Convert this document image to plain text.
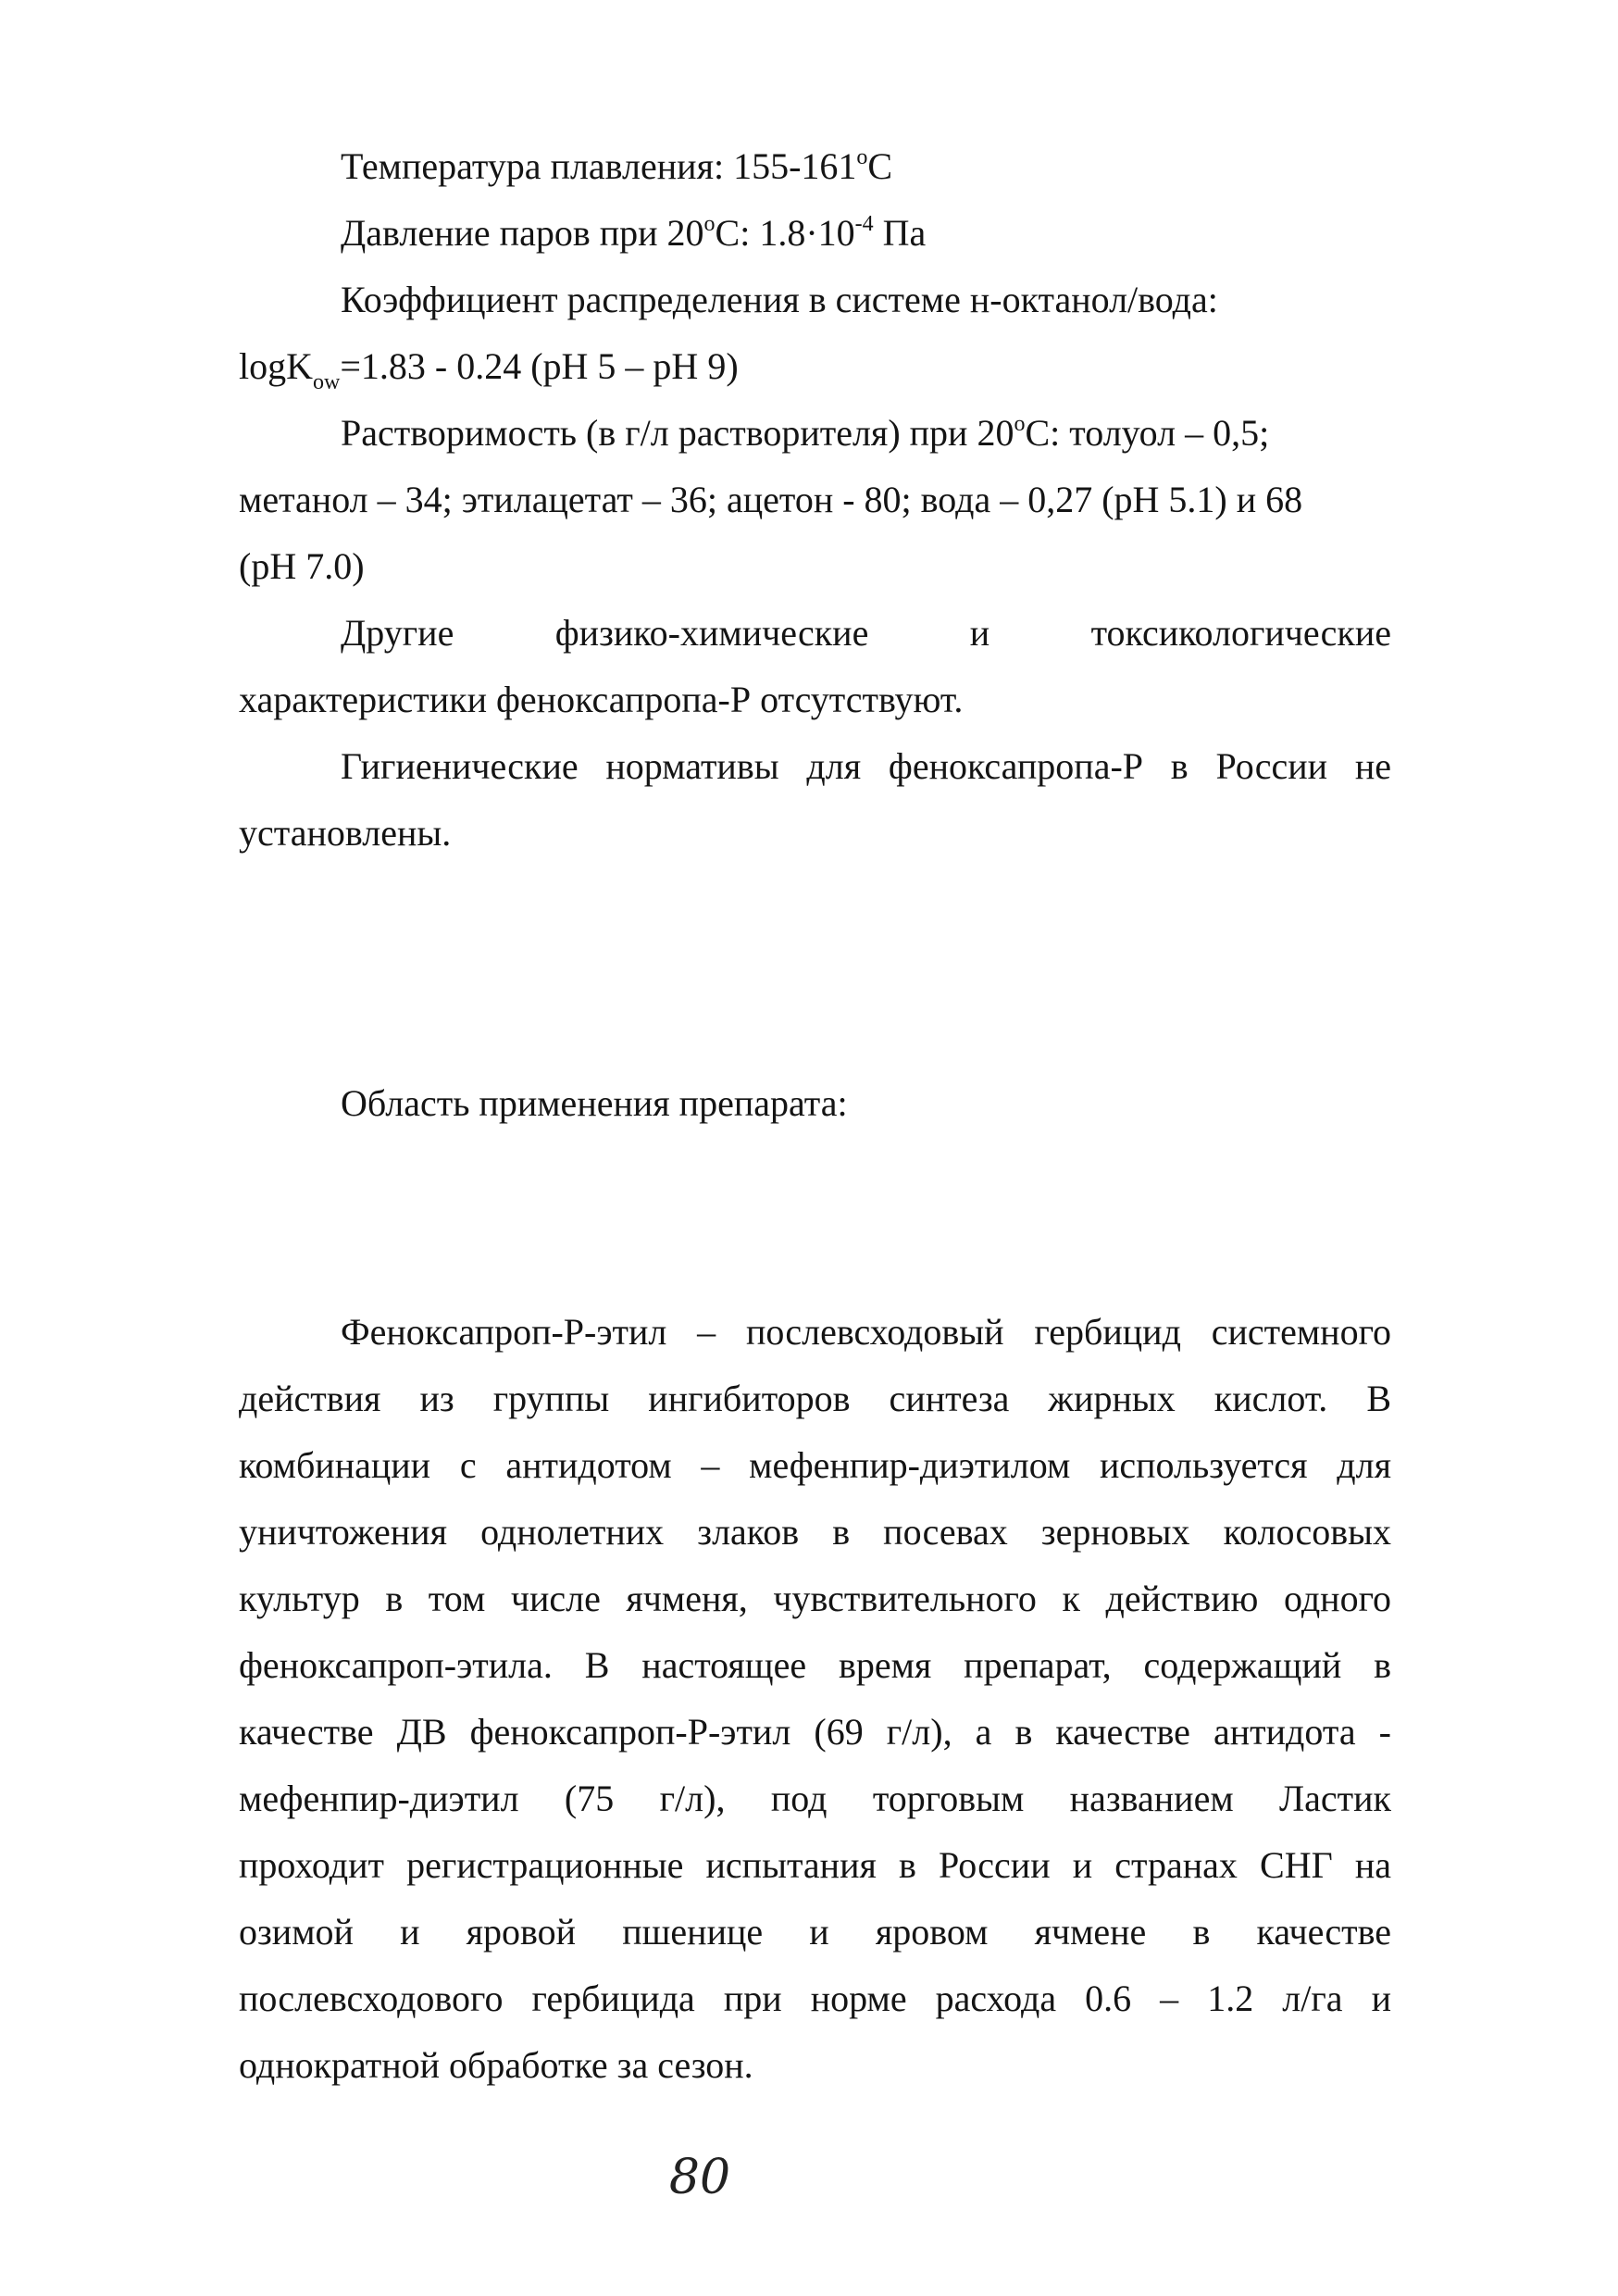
Температура плавления: 155-161$^o$С
Давление паров при 20$^o$С: $1.8\cdot 10^{-4}$ Па
Коэффициент распределения в системе н-октанол/вода:
logK$_{ow}$=1.83 - 0.24 (pH 5 – pH 9)
Растворимость (в г/л растворителя) при 20$^o$С: толуол – 0,5;
метанол – 34; этилацетат – 36; ацетон - 80; вода – 0,27 (pH 5.1) и 68
(pH 7.0)
Другие физико-химические и токсикологические
характеристики феноксапропа-Р отсутствуют.
Гигиенические нормативы для феноксапропа-Р в России не
установлены.
Область применения препарата:
Феноксапроп-Р-этил – послевсходовый гербицид системного
действия из группы ингибиторов синтеза жирных кислот. В
комбинации с антидотом – мефенпир-диэтилом используется для
уничтожения однолетних злаков в посевах зерновых колосовых
культур в том числе ячменя, чувствительного к действию одного
феноксапроп-этила. В настоящее время препарат, содержащий в
качестве ДВ феноксапроп-Р-этил (69 г/л), а в качестве антидота -
мефенпир-диэтил (75 г/л), под торговым названием Ластик
проходит регистрационные испытания в России и странах СНГ на
озимой и яровой пшенице и яровом ячмене в качестве
послевсходового гербицида при норме расхода 0.6 – 1.2 л/га и
однократной обработке за сезон.
80
